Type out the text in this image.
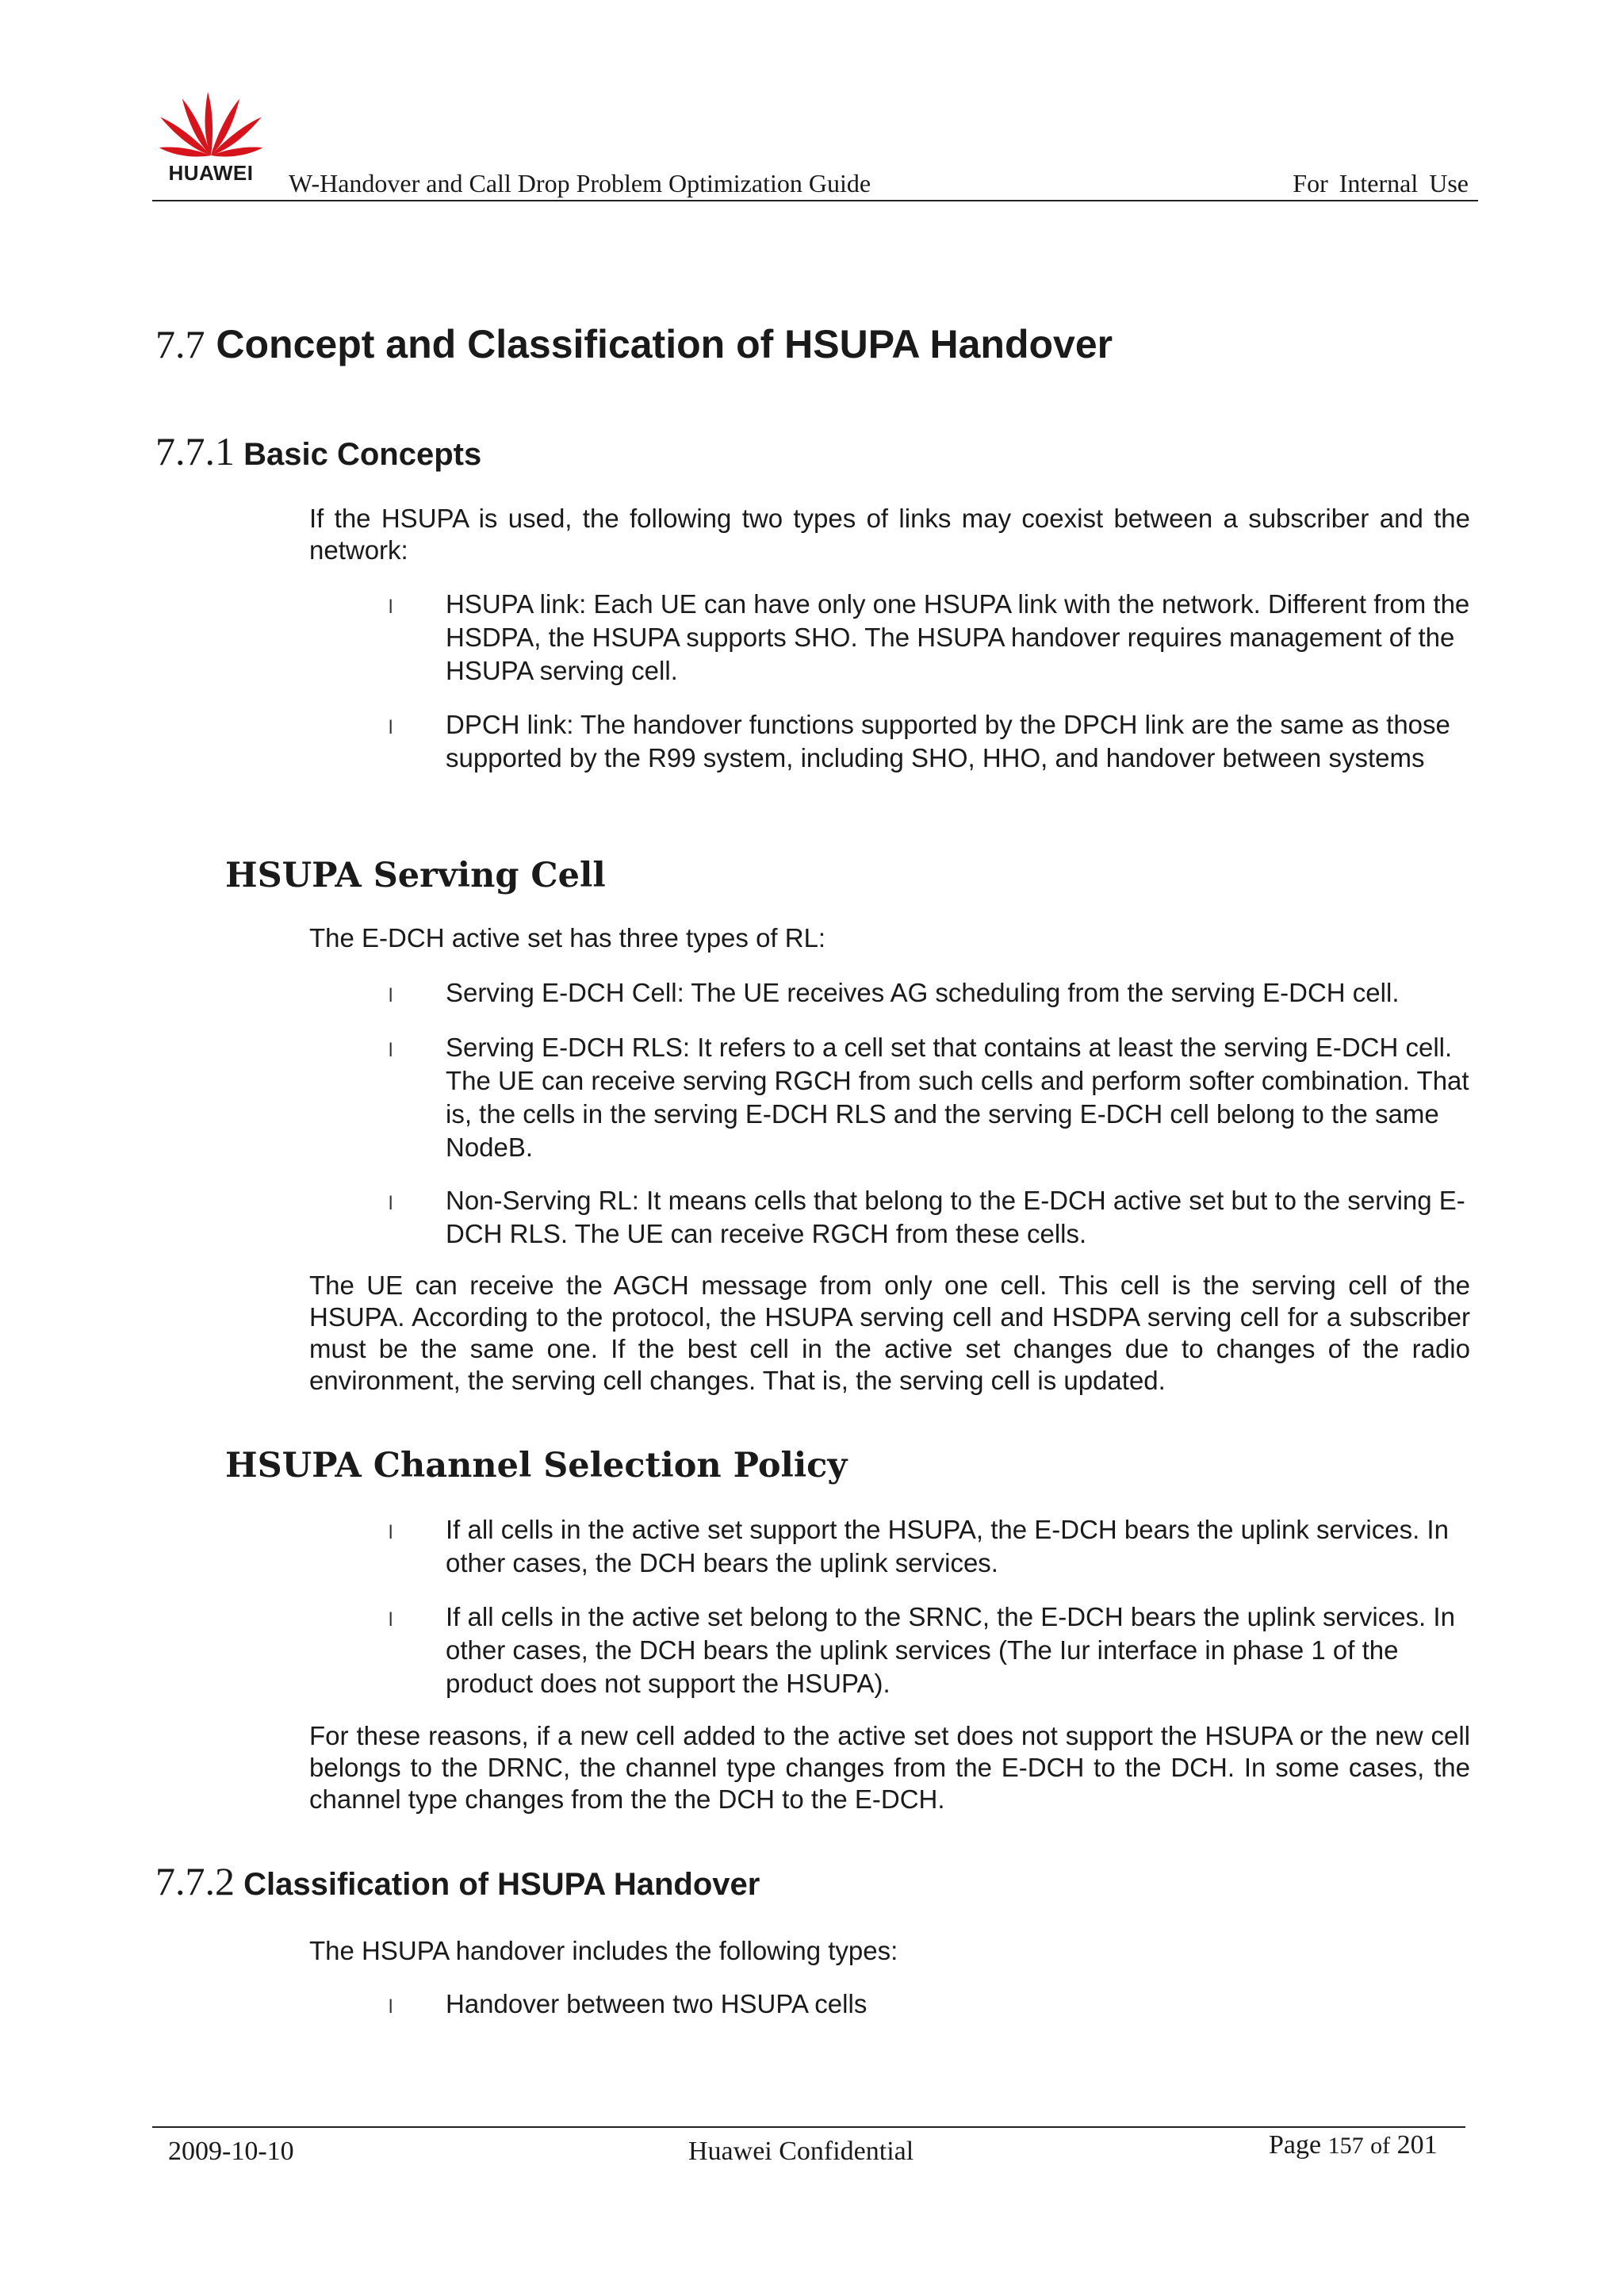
HUAWEI	W-Handover and Call Drop Problem Optimization Guide	For Internal Use
7.7 Concept and Classification of HSUPA Handover
7.7.1 Basic Concepts
If the HSUPA is used, the following two types of links may coexist between a subscriber and the network:
l HSUPA link: Each UE can have only one HSUPA link with the network. Different from the HSDPA, the HSUPA supports SHO. The HSUPA handover requires management of the HSUPA serving cell.
l DPCH link: The handover functions supported by the DPCH link are the same as those supported by the R99 system, including SHO, HHO, and handover between systems
HSUPA Serving Cell
The E-DCH active set has three types of RL:
l Serving E-DCH Cell: The UE receives AG scheduling from the serving E-DCH cell.
l Serving E-DCH RLS: It refers to a cell set that contains at least the serving E-DCH cell. The UE can receive serving RGCH from such cells and perform softer combination. That is, the cells in the serving E-DCH RLS and the serving E-DCH cell belong to the same NodeB.
l Non-Serving RL: It means cells that belong to the E-DCH active set but to the serving E-DCH RLS. The UE can receive RGCH from these cells.
The UE can receive the AGCH message from only one cell. This cell is the serving cell of the HSUPA. According to the protocol, the HSUPA serving cell and HSDPA serving cell for a subscriber must be the same one. If the best cell in the active set changes due to changes of the radio environment, the serving cell changes. That is, the serving cell is updated.
HSUPA Channel Selection Policy
l If all cells in the active set support the HSUPA, the E-DCH bears the uplink services. In other cases, the DCH bears the uplink services.
l If all cells in the active set belong to the SRNC, the E-DCH bears the uplink services. In other cases, the DCH bears the uplink services (The Iur interface in phase 1 of the product does not support the HSUPA).
For these reasons, if a new cell added to the active set does not support the HSUPA or the new cell belongs to the DRNC, the channel type changes from the E-DCH to the DCH. In some cases, the channel type changes from the the DCH to the E-DCH.
7.7.2 Classification of HSUPA Handover
The HSUPA handover includes the following types:
l Handover between two HSUPA cells
2009-10-10	Huawei Confidential	Page 157 of 201
